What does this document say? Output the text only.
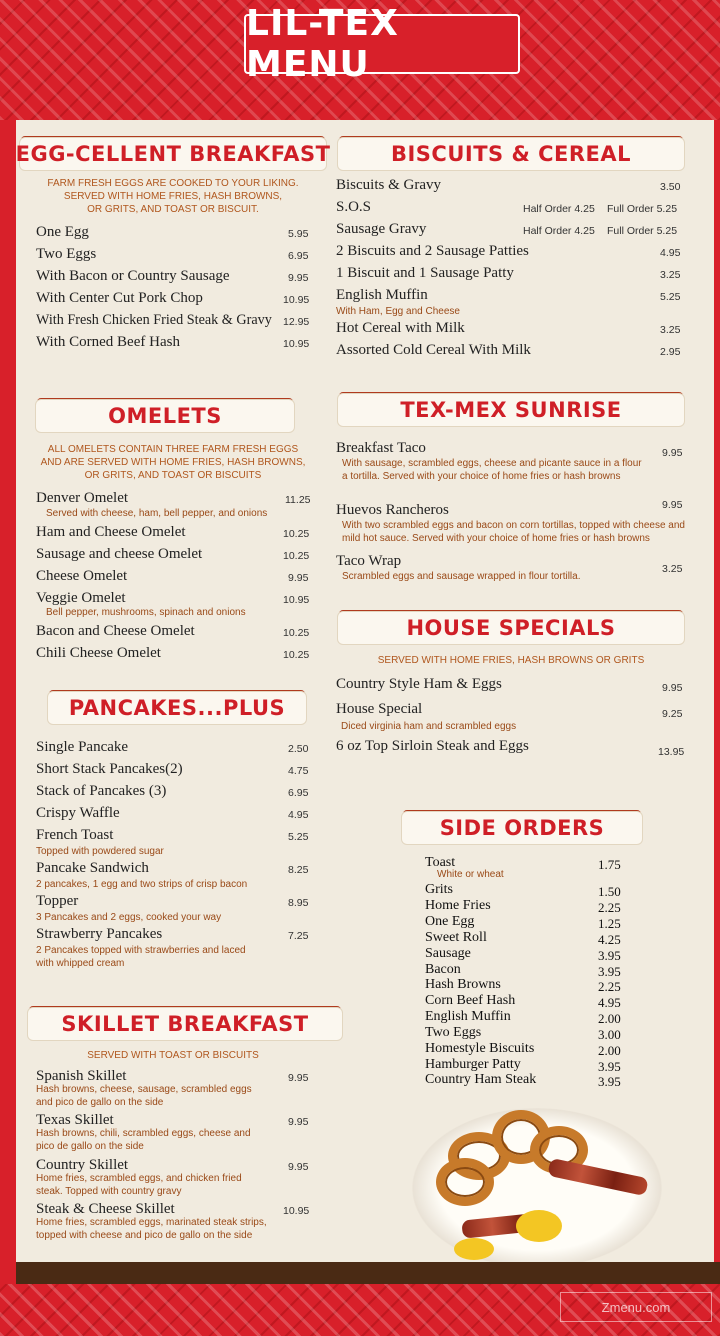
LIL-TEX MENU
EGG-CELLENT BREAKFAST
FARM FRESH EGGS ARE COOKED TO YOUR LIKING.
SERVED WITH HOME FRIES, HASH BROWNS,
OR GRITS, AND TOAST OR BISCUIT.
One Egg	5.95
Two Eggs	6.95
With Bacon or Country Sausage	9.95
With Center Cut Pork Chop	10.95
With Fresh Chicken Fried Steak & Gravy 12.95
With Corned Beef Hash	10.95
OMELETS
ALL OMELETS CONTAIN THREE FARM FRESH EGGS
AND ARE SERVED WITH HOME FRIES, HASH BROWNS,
OR GRITS, AND TOAST OR BISCUITS
Denver Omelet	11.25
Served with cheese, ham, bell pepper, and onions
Ham and Cheese Omelet	10.25
Sausage and cheese Omelet	10.25
Cheese Omelet	9.95
Veggie Omelet	10.95
Bell pepper, mushrooms, spinach and onions
Bacon and Cheese Omelet	10.25
Chili Cheese Omelet	10.25
PANCAKES...PLUS
Single Pancake	2.50
Short Stack Pancakes(2)	4.75
Stack of Pancakes (3)	6.95
Crispy Waffle	4.95
French Toast	5.25
Topped with powdered sugar
Pancake Sandwich	8.25
2 pancakes, 1 egg and two strips of crisp bacon
Topper	8.95
3 Pancakes and 2 eggs, cooked your way
Strawberry Pancakes	7.25
2 Pancakes topped with strawberries and laced with whipped cream
SKILLET BREAKFAST
SERVED WITH TOAST OR BISCUITS
Spanish Skillet	9.95
Hash browns, cheese, sausage, scrambled eggs and pico de gallo on the side
Texas Skillet	9.95
Hash browns, chili, scrambled eggs, cheese and pico de gallo on the side
Country Skillet	9.95
Home fries, scrambled eggs, and chicken fried steak. Topped with country gravy
Steak & Cheese Skillet	10.95
Home fries, scrambled eggs, marinated steak strips, topped with cheese and pico de gallo on the side
BISCUITS & CEREAL
Biscuits & Gravy	3.50
S.O.S	Half Order 4.25 Full Order 5.25
Sausage Gravy	Half Order 4.25 Full Order 5.25
2 Biscuits and 2 Sausage Patties	4.95
1 Biscuit and 1 Sausage Patty	3.25
English Muffin	5.25
With Ham, Egg and Cheese
Hot Cereal with Milk	3.25
Assorted Cold Cereal With Milk	2.95
TEX-MEX SUNRISE
Breakfast Taco	9.95
With sausage, scrambled eggs, cheese and picante sauce in a flour a tortilla. Served with your choice of home fries or hash browns
Huevos Rancheros	9.95
With two scrambled eggs and bacon on corn tortillas, topped with cheese and mild hot sauce. Served with your choice of home fries or hash browns
Taco Wrap	3.25
Scrambled eggs and sausage wrapped in flour tortilla.
HOUSE SPECIALS
SERVED WITH HOME FRIES, HASH BROWNS OR GRITS
Country Style Ham & Eggs	9.95
House Special	9.25
Diced virginia ham and scrambled eggs
6 oz Top Sirloin Steak and Eggs	13.95
SIDE ORDERS
Toast	1.75
White or wheat
Grits	1.50
Home Fries	2.25
One Egg	1.25
Sweet Roll	4.25
Sausage	3.95
Bacon	3.95
Hash Browns	2.25
Corn Beef Hash	4.95
English Muffin	2.00
Two Eggs	3.00
Homestyle Biscuits	2.00
Hamburger Patty	3.95
Country Ham Steak	3.95
Zmenu.com
